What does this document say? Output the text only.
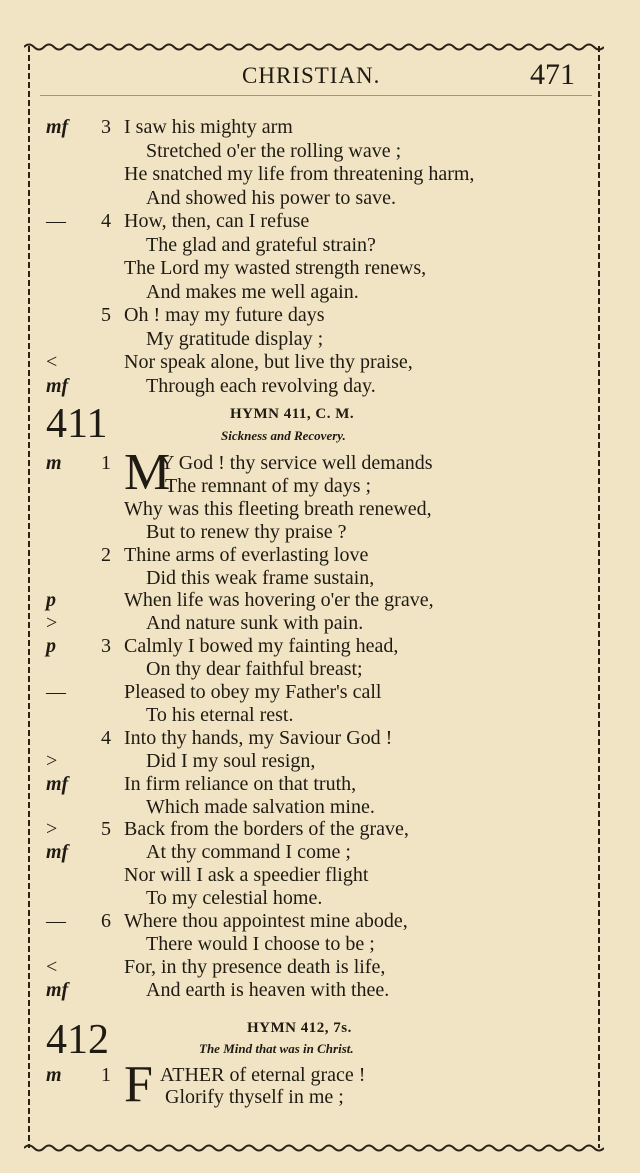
CHRISTIAN.	471
mf 3 I saw his mighty arm
Stretched o'er the rolling wave ;
He snatched my life from threatening harm,
And showed his power to save.
— 4 How, then, can I refuse
The glad and grateful strain?
The Lord my wasted strength renews,
And makes me well again.
5 Oh ! may my future days
My gratitude display ;
<	Nor speak alone, but live thy praise,
mf	Through each revolving day.
411	HYMN 411, C. M.
Sickness and Recovery.
M
m 1 Y God ! thy service well demands
The remnant of my days ;
Why was this fleeting breath renewed,
But to renew thy praise ?
2 Thine arms of everlasting love
Did this weak frame sustain,
p	When life was hovering o'er the grave,
>	And nature sunk with pain.
p 3 Calmly I bowed my fainting head,
On thy dear faithful breast;
—	Pleased to obey my Father's call
To his eternal rest.
4 Into thy hands, my Saviour God !
>	Did I my soul resign,
mf	In firm reliance on that truth,
Which made salvation mine.
> 5 Back from the borders of the grave,
mf	At thy command I come ;
Nor will I ask a speedier flight
To my celestial home.
— 6 Where thou appointest mine abode,
There would I choose to be ;
<	For, in thy presence death is life,
mf	And earth is heaven with thee.
412	HYMN 412, 7s.
The Mind that was in Christ.
F
m 1 ATHER of eternal grace !
Glorify thyself in me ;
